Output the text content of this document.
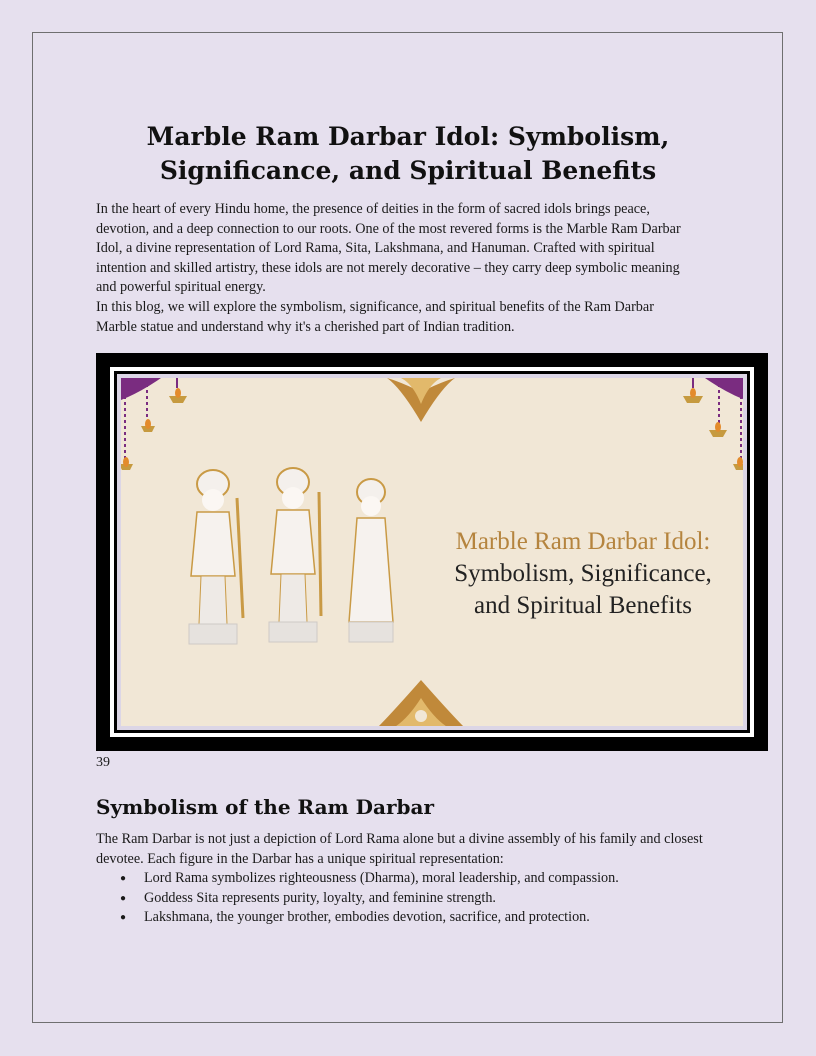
Marble Ram Darbar Idol: Symbolism,
Significance, and Spiritual Benefits

In the heart of every Hindu home, the presence of deities in the form of sacred idols brings peace, devotion, and a deep connection to our roots. One of the most revered forms is the Marble Ram Darbar Idol, a divine representation of Lord Rama, Sita, Lakshmana, and Hanuman. Crafted with spiritual intention and skilled artistry, these idols are not merely decorative – they carry deep symbolic meaning and powerful spiritual energy.

In this blog, we will explore the symbolism, significance, and spiritual benefits of the Ram Darbar Marble statue and understand why it's a cherished part of Indian tradition.

Marble Ram Darbar Idol:
Symbolism, Significance,
and Spiritual Benefits
39
Symbolism of the Ram Darbar

The Ram Darbar is not just a depiction of Lord Rama alone but a divine assembly of his family and closest devotee. Each figure in the Darbar has a unique spiritual representation:

● Lord Rama symbolizes righteousness (Dharma), moral leadership, and compassion.
● Goddess Sita represents purity, loyalty, and feminine strength.
● Lakshmana, the younger brother, embodies devotion, sacrifice, and protection.
